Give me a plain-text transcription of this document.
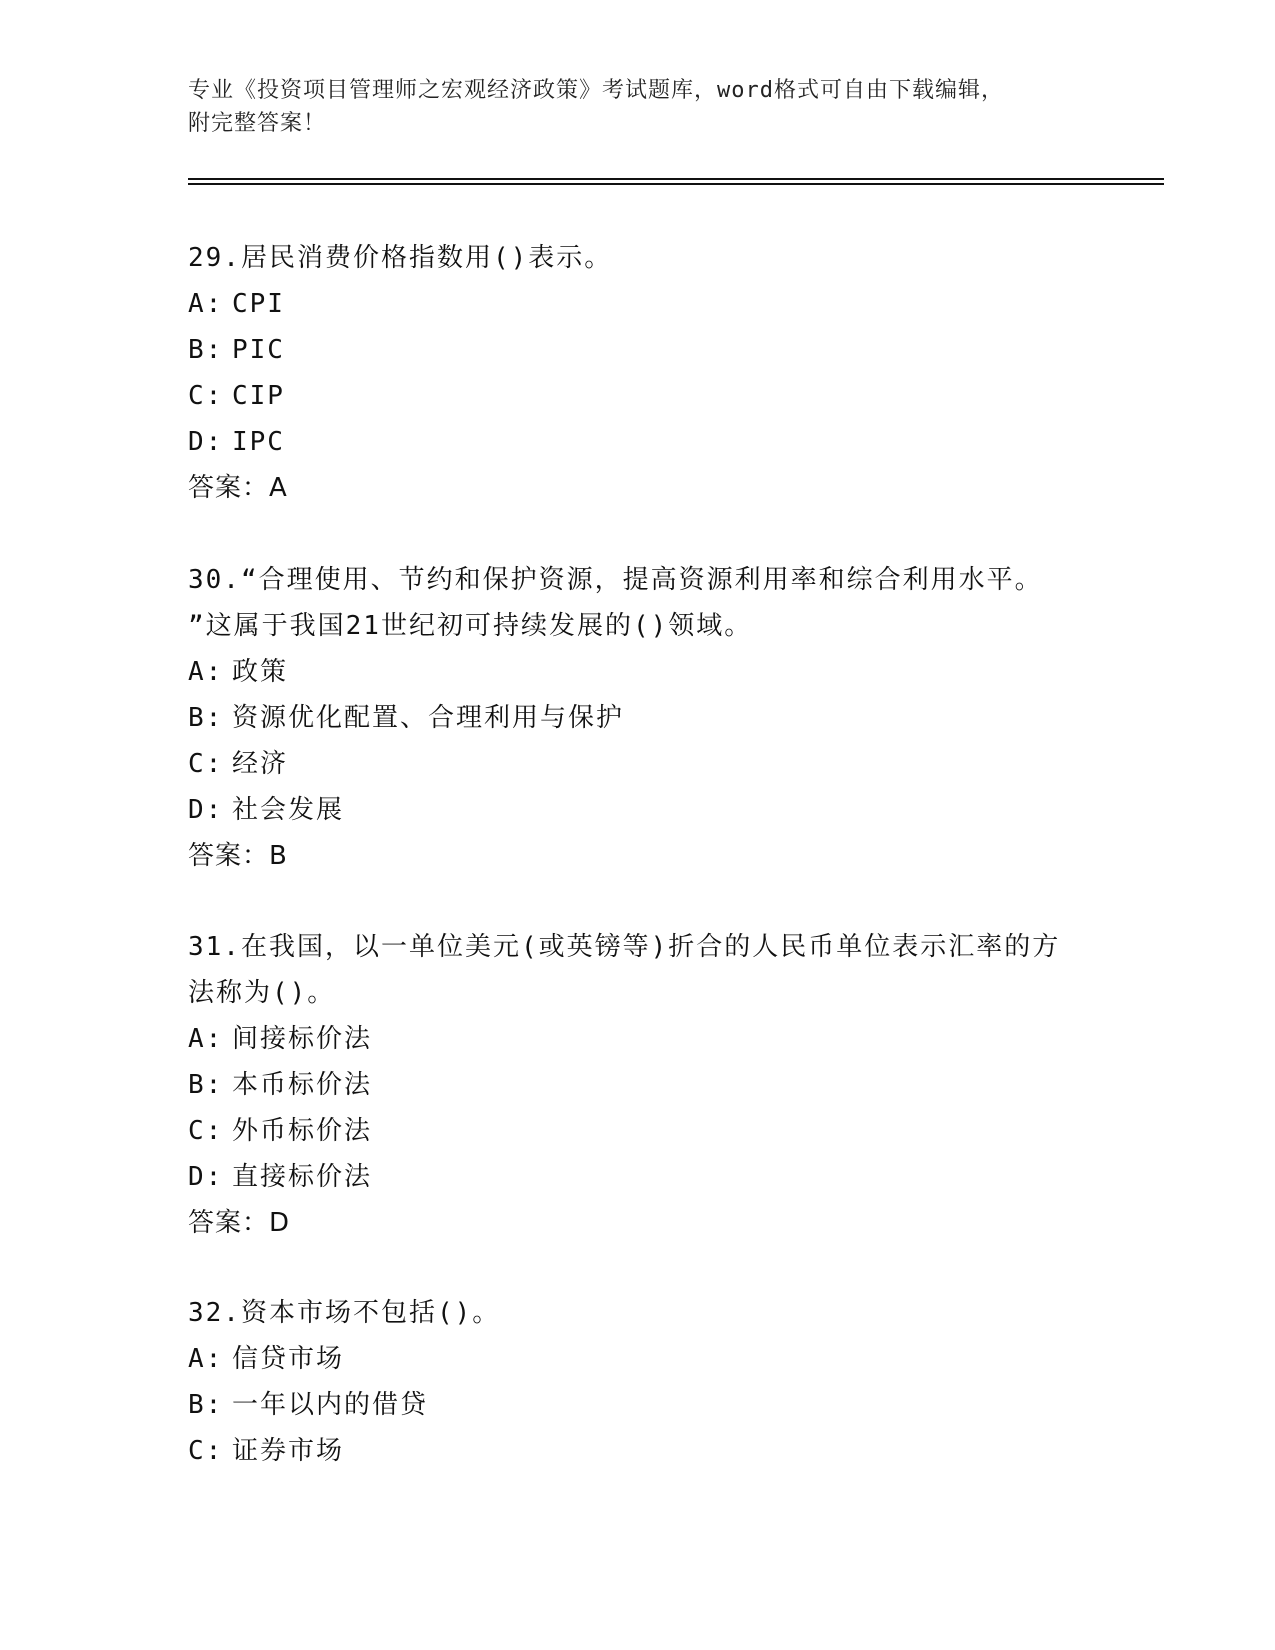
专业《投资项目管理师之宏观经济政策》考试题库，word格式可自由下载编辑，
附完整答案！
29.居民消费价格指数用()表示。
A: CPI
B: PIC
C: CIP
D: IPC
答案：A
30.“合理使用、节约和保护资源，提高资源利用率和综合利用水平。
”这属于我国21世纪初可持续发展的()领域。
A: 政策
B: 资源优化配置、合理利用与保护
C: 经济
D: 社会发展
答案：B
31.在我国，以一单位美元(或英镑等)折合的人民币单位表示汇率的方
法称为()。
A: 间接标价法
B: 本币标价法
C: 外币标价法
D: 直接标价法
答案：D
32.资本市场不包括()。
A: 信贷市场
B: 一年以内的借贷
C: 证券市场
